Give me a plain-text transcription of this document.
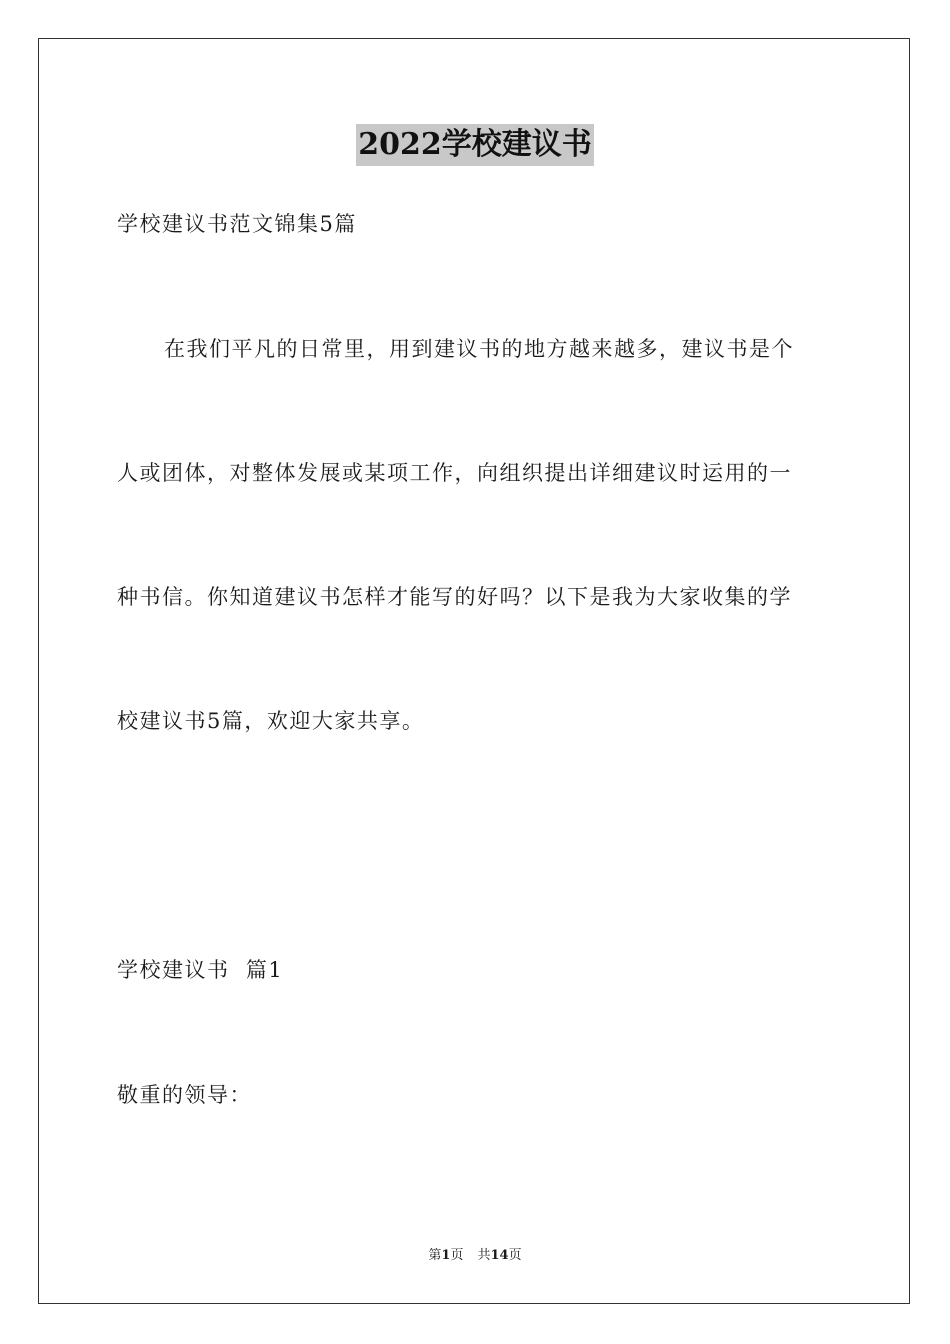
2022学校建议书
学校建议书范文锦集5篇
在我们平凡的日常里，用到建议书的地方越来越多，建议书是个
人或团体，对整体发展或某项工作，向组织提出详细建议时运用的一
种书信。你知道建议书怎样才能写的好吗？以下是我为大家收集的学
校建议书5篇，欢迎大家共享。
学校建议书  篇1
敬重的领导：
第1页 共14页
